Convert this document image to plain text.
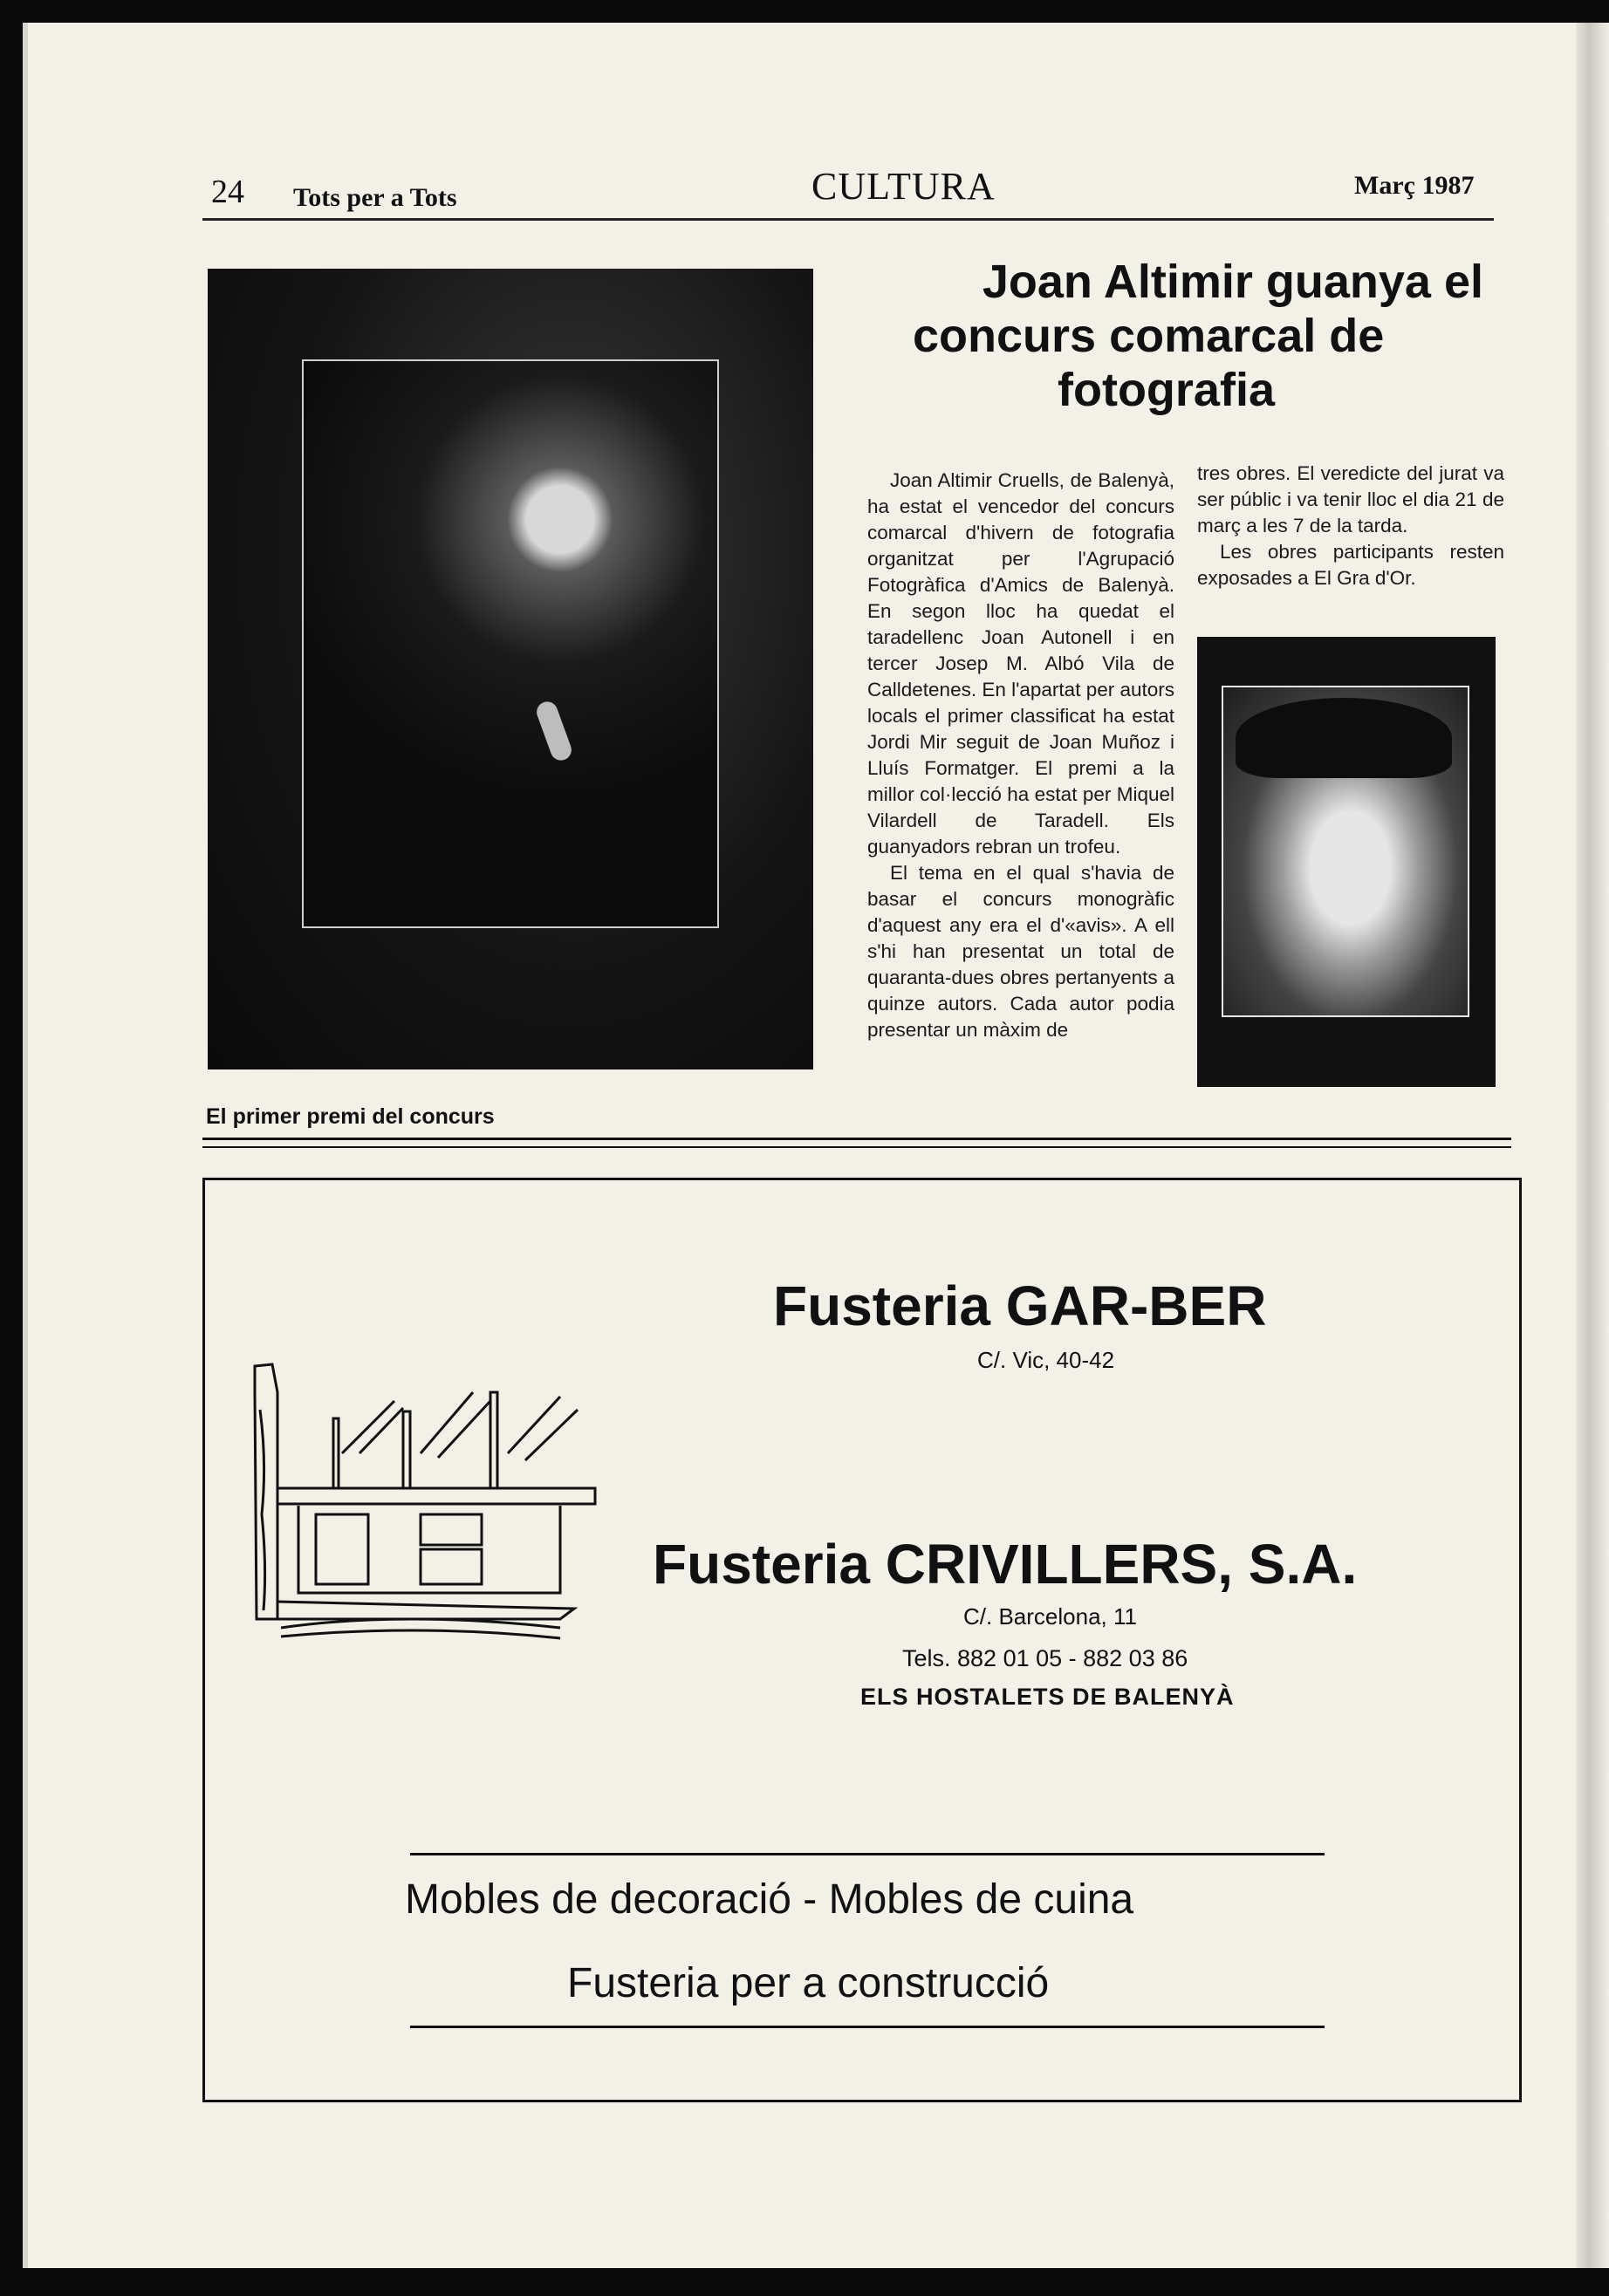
24 Tots per a Tots	CULTURA	Març 1987
El primer premi del concurs
Joan Altimir guanya el
concurs comarcal de
fotografia

Joan Altimir Cruells, de Balenyà, ha estat el vencedor del concurs comarcal d'hivern de fotografia organitzat per l'Agrupació Fotogràfica d'Amics de Balenyà. En segon lloc ha quedat el taradellenc Joan Autonell i en tercer Josep M. Albó Vila de Calldetenes. En l'apartat per autors locals el primer classificat ha estat Jordi Mir seguit de Joan Muñoz i Lluís Formatger. El premi a la millor col·lecció ha estat per Miquel Vilardell de Taradell. Els guanyadors rebran un trofeu.

El tema en el qual s'havia de basar el concurs monogràfic d'aquest any era el d'«avis». A ell s'hi han presentat un total de quaranta-dues obres pertanyents a quinze autors. Cada autor podia presentar un màxim de

tres obres. El veredicte del jurat va ser públic i va tenir lloc el dia 21 de març a les 7 de la tarda.

Les obres participants resten exposades a El Gra d'Or.

Fusteria GAR-BER
C/. Vic, 40-42
Fusteria CRIVILLERS, S.A.
C/. Barcelona, 11
Tels. 882 01 05 - 882 03 86
ELS HOSTALETS DE BALENYÀ
Mobles de decoració - Mobles de cuina
Fusteria per a construcció
